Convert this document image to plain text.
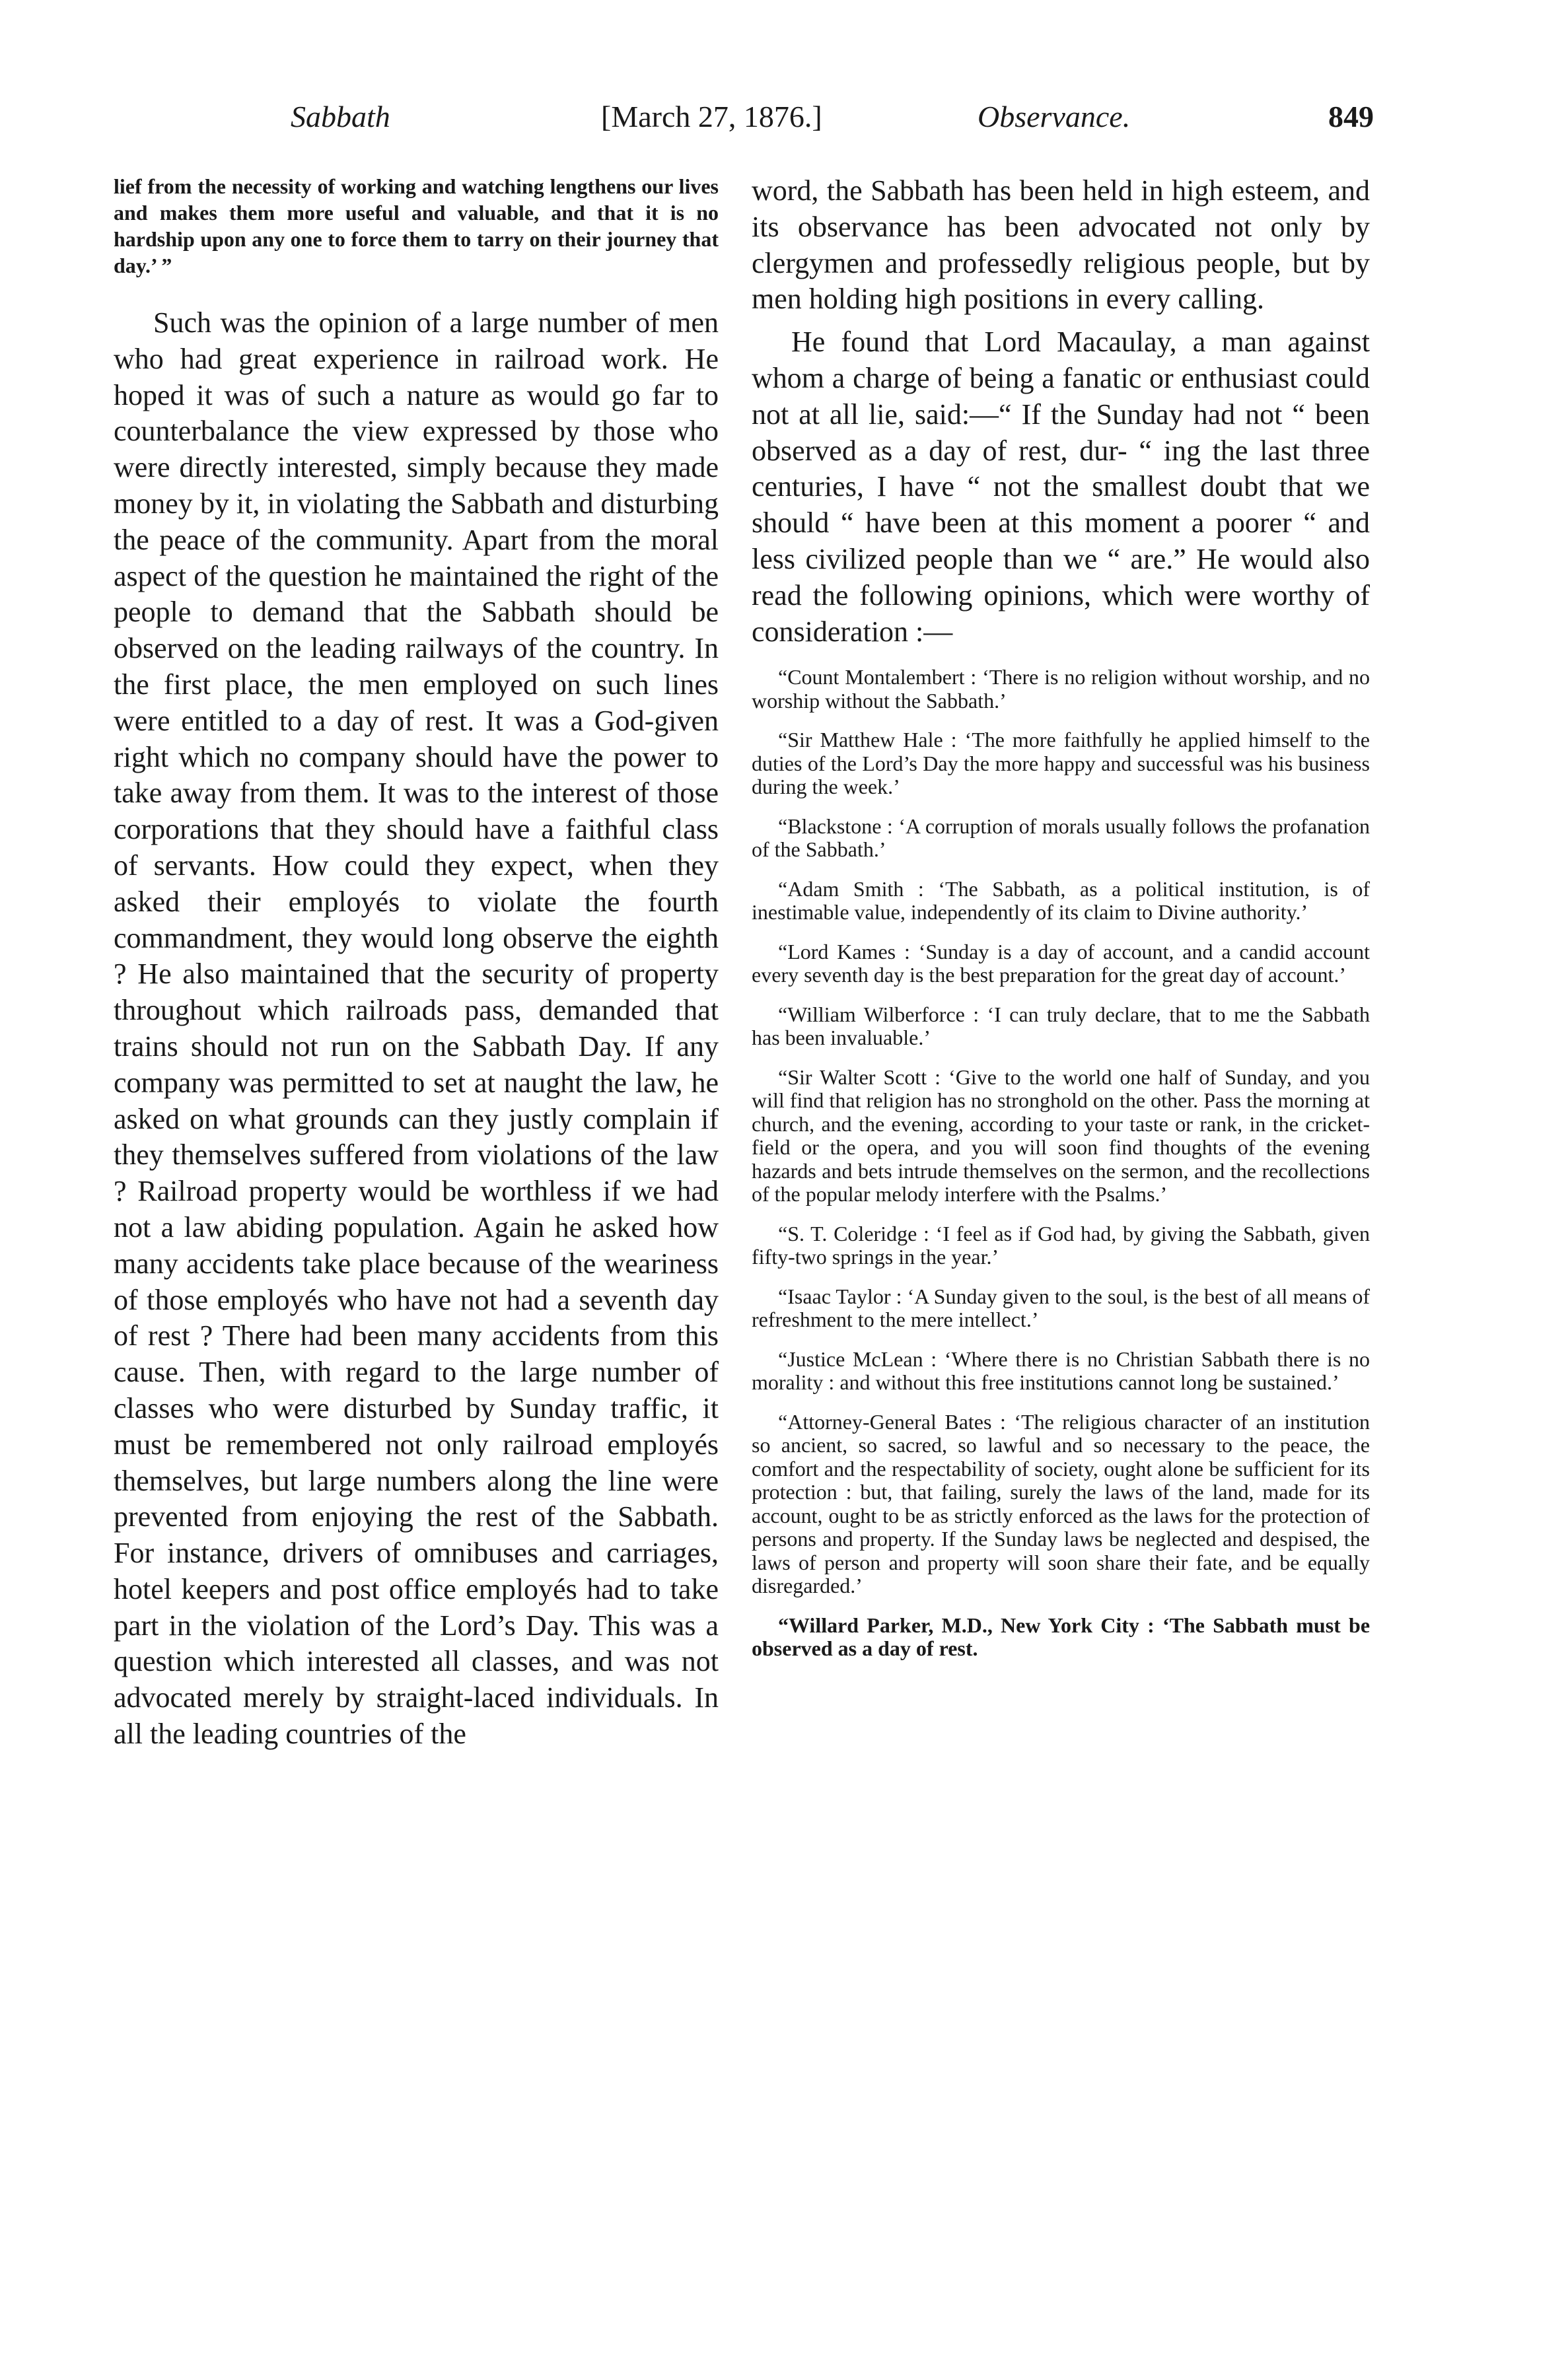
Sabbath	[March 27, 1876.]	Observance.	849

lief from the necessity of working and watching lengthens our lives and makes them more useful and valuable, and that it is no hardship upon any one to force them to tarry on their journey that day.’ ”

Such was the opinion of a large number of men who had great experience in railroad work. He hoped it was of such a nature as would go far to counterbalance the view expressed by those who were directly interested, simply because they made money by it, in violating the Sabbath and disturbing the peace of the community. Apart from the moral aspect of the question he maintained the right of the people to demand that the Sabbath should be observed on the leading railways of the country. In the first place, the men employed on such lines were entitled to a day of rest. It was a God-given right which no company should have the power to take away from them. It was to the interest of those corporations that they should have a faithful class of servants. How could they expect, when they asked their employés to violate the fourth commandment, they would long observe the eighth ? He also maintained that the security of property throughout which railroads pass, demanded that trains should not run on the Sabbath Day. If any company was permitted to set at naught the law, he asked on what grounds can they justly complain if they themselves suffered from violations of the law ? Railroad property would be worthless if we had not a law abiding population. Again he asked how many accidents take place because of the weariness of those employés who have not had a seventh day of rest ? There had been many accidents from this cause. Then, with regard to the large number of classes who were disturbed by Sunday traffic, it must be remembered not only railroad employés themselves, but large numbers along the line were prevented from enjoying the rest of the Sabbath. For instance, drivers of omnibuses and carriages, hotel keepers and post office employés had to take part in the violation of the Lord’s Day. This was a question which interested all classes, and was not advocated merely by straight-laced individuals. In all the leading countries of the

word, the Sabbath has been held in high esteem, and its observance has been advocated not only by clergymen and professedly religious people, but by men holding high positions in every calling.

He found that Lord Macaulay, a man against whom a charge of being a fanatic or enthusiast could not at all lie, said:—“ If the Sunday had not “ been observed as a day of rest, dur- “ ing the last three centuries, I have “ not the smallest doubt that we should “ have been at this moment a poorer “ and less civilized people than we “ are.” He would also read the following opinions, which were worthy of consideration :—

“Count Montalembert : ‘There is no religion without worship, and no worship without the Sabbath.’

“Sir Matthew Hale : ‘The more faithfully he applied himself to the duties of the Lord’s Day the more happy and successful was his business during the week.’

“Blackstone : ‘A corruption of morals usually follows the profanation of the Sabbath.’

“Adam Smith : ‘The Sabbath, as a political institution, is of inestimable value, independently of its claim to Divine authority.’

“Lord Kames : ‘Sunday is a day of account, and a candid account every seventh day is the best preparation for the great day of account.’

“William Wilberforce : ‘I can truly declare, that to me the Sabbath has been invaluable.’

“Sir Walter Scott : ‘Give to the world one half of Sunday, and you will find that religion has no stronghold on the other. Pass the morning at church, and the evening, according to your taste or rank, in the cricket-field or the opera, and you will soon find thoughts of the evening hazards and bets intrude themselves on the sermon, and the recollections of the popular melody interfere with the Psalms.’

“S. T. Coleridge : ‘I feel as if God had, by giving the Sabbath, given fifty-two springs in the year.’

“Isaac Taylor : ‘A Sunday given to the soul, is the best of all means of refreshment to the mere intellect.’

“Justice McLean : ‘Where there is no Christian Sabbath there is no morality : and without this free institutions cannot long be sustained.’

“Attorney-General Bates : ‘The religious character of an institution so ancient, so sacred, so lawful and so necessary to the peace, the comfort and the respectability of society, ought alone be sufficient for its protection : but, that failing, surely the laws of the land, made for its account, ought to be as strictly enforced as the laws for the protection of persons and property. If the Sunday laws be neglected and despised, the laws of person and property will soon share their fate, and be equally disregarded.’

“Willard Parker, M.D., New York City : ‘The Sabbath must be observed as a day of rest.
